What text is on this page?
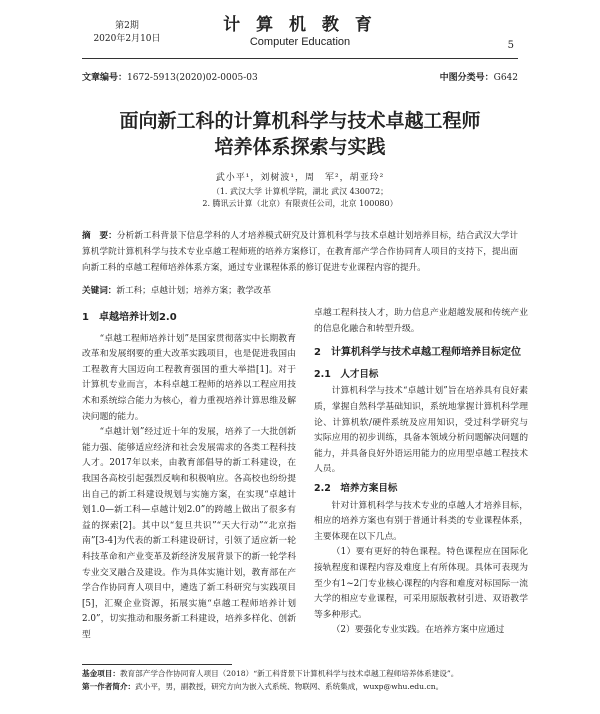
第2期
2020年2月10日
计 算 机 教 育
Computer Education	5
文章编号：1672-5913(2020)02-0005-03	中图分类号：G642
面向新工科的计算机科学与技术卓越工程师
培养体系探索与实践
武小平¹，刘树波¹，周　军²，胡亚玲²
（1. 武汉大学 计算机学院，湖北 武汉 430072；
2. 腾讯云计算（北京）有限责任公司，北京 100080）
摘　要：分析新工科背景下信息学科的人才培养模式研究及计算机科学与技术卓越计划培养目标，结合武汉大学计算机学院计算机科学与技术专业卓越工程师班的培养方案修订，在教育部产学合作协同育人项目的支持下，提出面向新工科的卓越工程师培养体系方案，通过专业课程体系的修订促进专业课程内容的提升。
关键词：新工科；卓越计划；培养方案；教学改革
1　卓越培养计划2.0

“卓越工程师培养计划”是国家贯彻落实中长期教育改革和发展纲要的重大改革实践项目，也是促进我国由工程教育大国迈向工程教育强国的重大举措[1]。对于计算机专业而言，本科卓越工程师的培养以工程应用技术和系统综合能力为核心，着力重视培养计算思维及解决问题的能力。

“卓越计划”经过近十年的发展，培养了一大批创新能力强、能够适应经济和社会发展需求的各类工程科技人才。2017年以来，由教育部倡导的新工科建设，在我国各高校引起强烈反响和积极响应。各高校也纷纷提出自己的新工科建设规划与实施方案，在实现“卓越计划1.0—新工科—卓越计划2.0”的跨越上做出了很多有益的探索[2]。其中以“复旦共识”“天大行动”“北京指南”[3-4]为代表的新工科建设研讨，引领了适应新一轮科技革命和产业变革及新经济发展背景下的新一轮学科专业交叉融合及建设。作为具体实施计划，教育部在产学合作协同育人项目中，遴选了新工科研究与实践项目[5]，汇聚企业资源，拓展实施“卓越工程师培养计划2.0”，切实推动和服务新工科建设，培养多样化、创新型

卓越工程科技人才，助力信息产业超越发展和传统产业的信息化融合和转型升级。

2　计算机科学与技术卓越工程师培养目标定位
2.1　人才目标

计算机科学与技术“卓越计划”旨在培养具有良好素质，掌握自然科学基础知识，系统地掌握计算机科学理论、计算机软/硬件系统及应用知识，受过科学研究与实际应用的初步训练，具备本领域分析问题解决问题的能力，并具备良好外语运用能力的应用型卓越工程技术人员。

2.2　培养方案目标

针对计算机科学与技术专业的卓越人才培养目标，相应的培养方案也有别于普通计科类的专业课程体系，主要体现在以下几点。

（1）要有更好的特色课程。特色课程应在国际化接轨程度和课程内容及难度上有所体现。具体可表现为至少有1~2门专业核心课程的内容和难度对标国际一流大学的相应专业课程，可采用原版教材引进、双语教学等多种形式。

（2）要强化专业实践。在培养方案中应通过

基金项目：教育部产学合作协同育人项目（2018）“新工科背景下计算机科学与技术卓越工程师培养体系建设”。
第一作者简介：武小平，男，副教授，研究方向为嵌入式系统、物联网、系统集成，wuxp@whu.edu.cn。
